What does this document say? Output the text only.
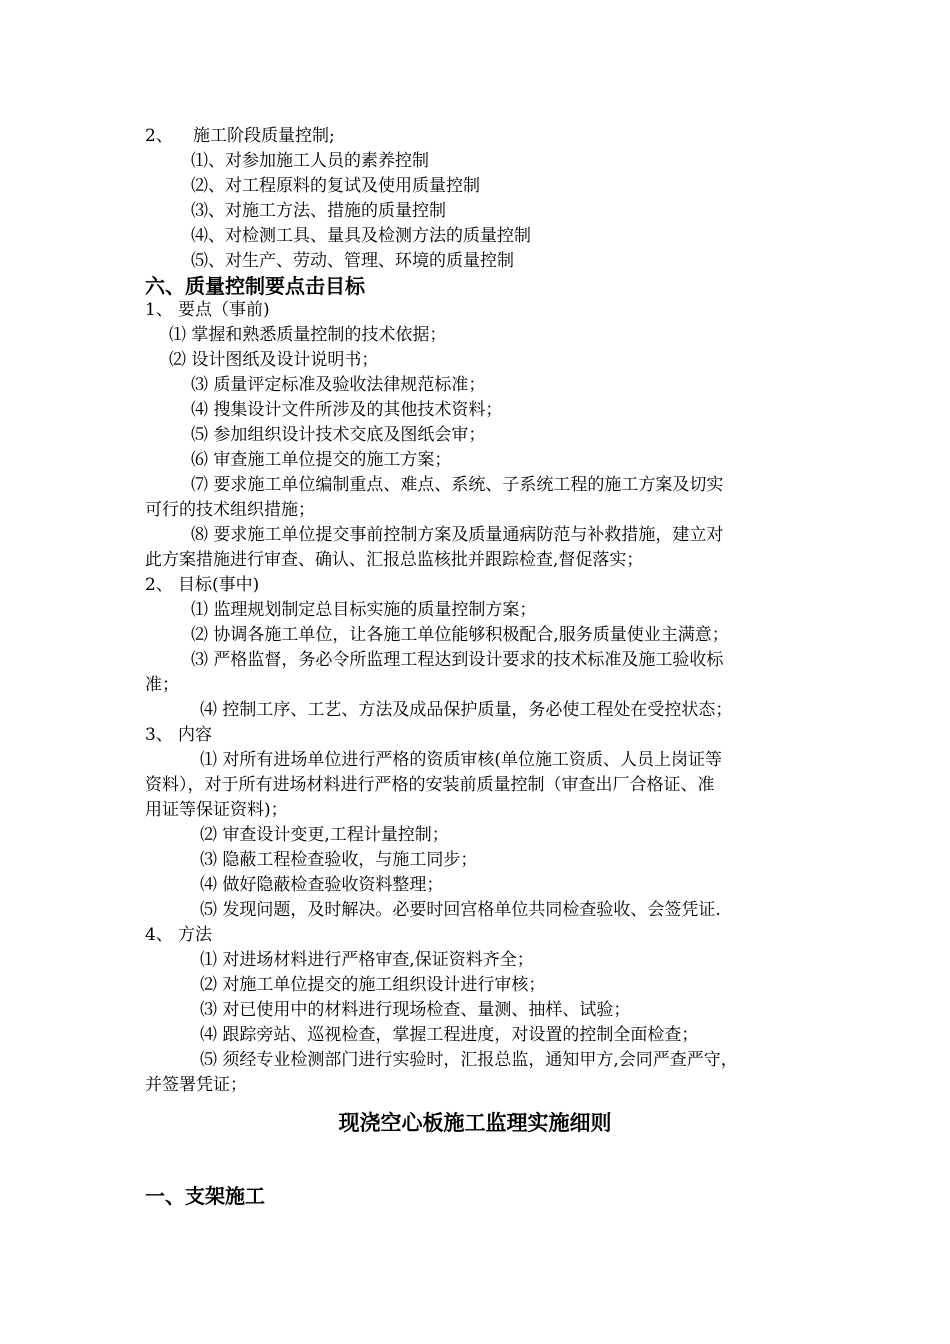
2、 施工阶段质量控制;
⑴、对参加施工人员的素养控制
⑵、对工程原料的复试及使用质量控制
⑶、对施工方法、措施的质量控制
⑷、对检测工具、量具及检测方法的质量控制
⑸、对生产、劳动、管理、环境的质量控制
六、质量控制要点击目标
1、 要点（事前)
⑴ 掌握和熟悉质量控制的技术依据；
⑵ 设计图纸及设计说明书；
⑶ 质量评定标准及验收法律规范标准；
⑷ 搜集设计文件所涉及的其他技术资料；
⑸ 参加组织设计技术交底及图纸会审；
⑹ 审查施工单位提交的施工方案；
⑺ 要求施工单位编制重点、难点、系统、子系统工程的施工方案及切实
可行的技术组织措施；
⑻ 要求施工单位提交事前控制方案及质量通病防范与补救措施，建立对
此方案措施进行审查、确认、汇报总监核批并跟踪检查,督促落实；
2、 目标(事中)
⑴ 监理规划制定总目标实施的质量控制方案；
⑵ 协调各施工单位，让各施工单位能够积极配合,服务质量使业主满意；
⑶ 严格监督，务必令所监理工程达到设计要求的技术标准及施工验收标
准；
⑷ 控制工序、工艺、方法及成品保护质量，务必使工程处在受控状态；
3、 内容
⑴ 对所有进场单位进行严格的资质审核(单位施工资质、人员上岗证等
资料），对于所有进场材料进行严格的安装前质量控制（审查出厂合格证、准
用证等保证资料)；
⑵ 审查设计变更,工程计量控制；
⑶ 隐蔽工程检查验收，与施工同步；
⑷ 做好隐蔽检查验收资料整理；
⑸ 发现问题，及时解决。必要时回宫格单位共同检查验收、会签凭证.
4、 方法
⑴ 对进场材料进行严格审查,保证资料齐全；
⑵ 对施工单位提交的施工组织设计进行审核；
⑶ 对已使用中的材料进行现场检查、量测、抽样、试验；
⑷ 跟踪旁站、巡视检查，掌握工程进度，对设置的控制全面检查；
⑸ 须经专业检测部门进行实验时，汇报总监，通知甲方,会同严查严守，
并签署凭证；
现浇空心板施工监理实施细则
一、支架施工
